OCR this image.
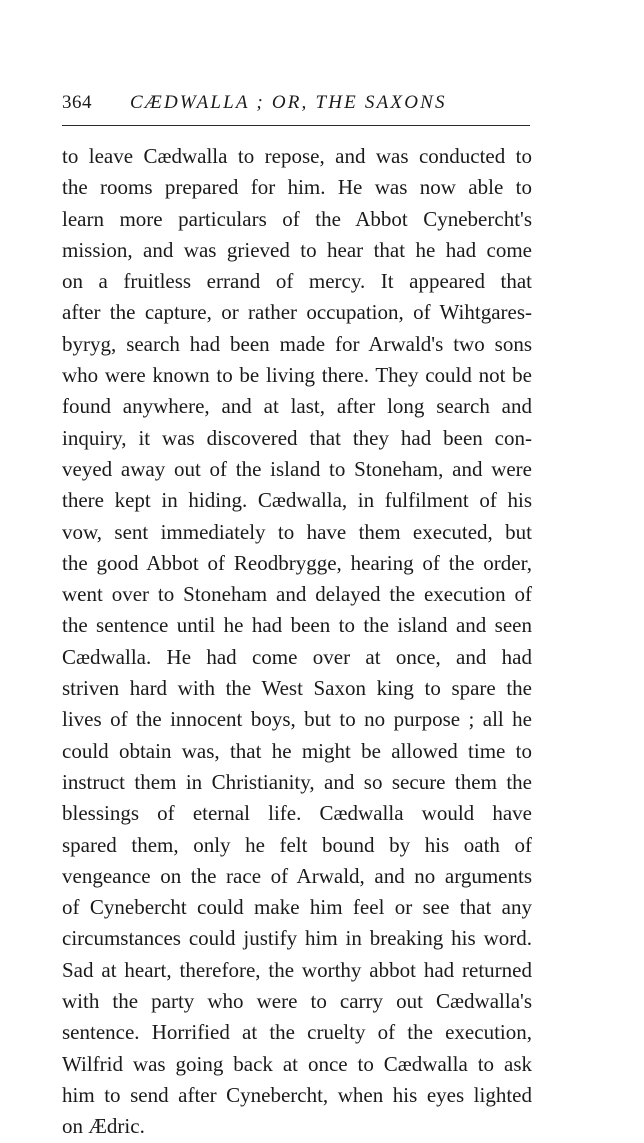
364 CÆDWALLA ; OR, THE SAXONS
to leave Cædwalla to repose, and was conducted to
the rooms prepared for him. He was now able to
learn more particulars of the Abbot Cynebercht's
mission, and was grieved to hear that he had come
on a fruitless errand of mercy. It appeared that
after the capture, or rather occupation, of Wihtgares-
byryg, search had been made for Arwald's two sons
who were known to be living there. They could not be
found anywhere, and at last, after long search and
inquiry, it was discovered that they had been con-
veyed away out of the island to Stoneham, and were
there kept in hiding. Cædwalla, in fulfilment of his
vow, sent immediately to have them executed, but
the good Abbot of Reodbrygge, hearing of the order,
went over to Stoneham and delayed the execution of
the sentence until he had been to the island and seen
Cædwalla. He had come over at once, and had
striven hard with the West Saxon king to spare the
lives of the innocent boys, but to no purpose ; all he
could obtain was, that he might be allowed time to
instruct them in Christianity, and so secure them the
blessings of eternal life. Cædwalla would have
spared them, only he felt bound by his oath of
vengeance on the race of Arwald, and no arguments
of Cynebercht could make him feel or see that any
circumstances could justify him in breaking his word.
Sad at heart, therefore, the worthy abbot had returned
with the party who were to carry out Cædwalla's
sentence. Horrified at the cruelty of the execution,
Wilfrid was going back at once to Cædwalla to ask
him to send after Cynebercht, when his eyes lighted
on Ædric.
